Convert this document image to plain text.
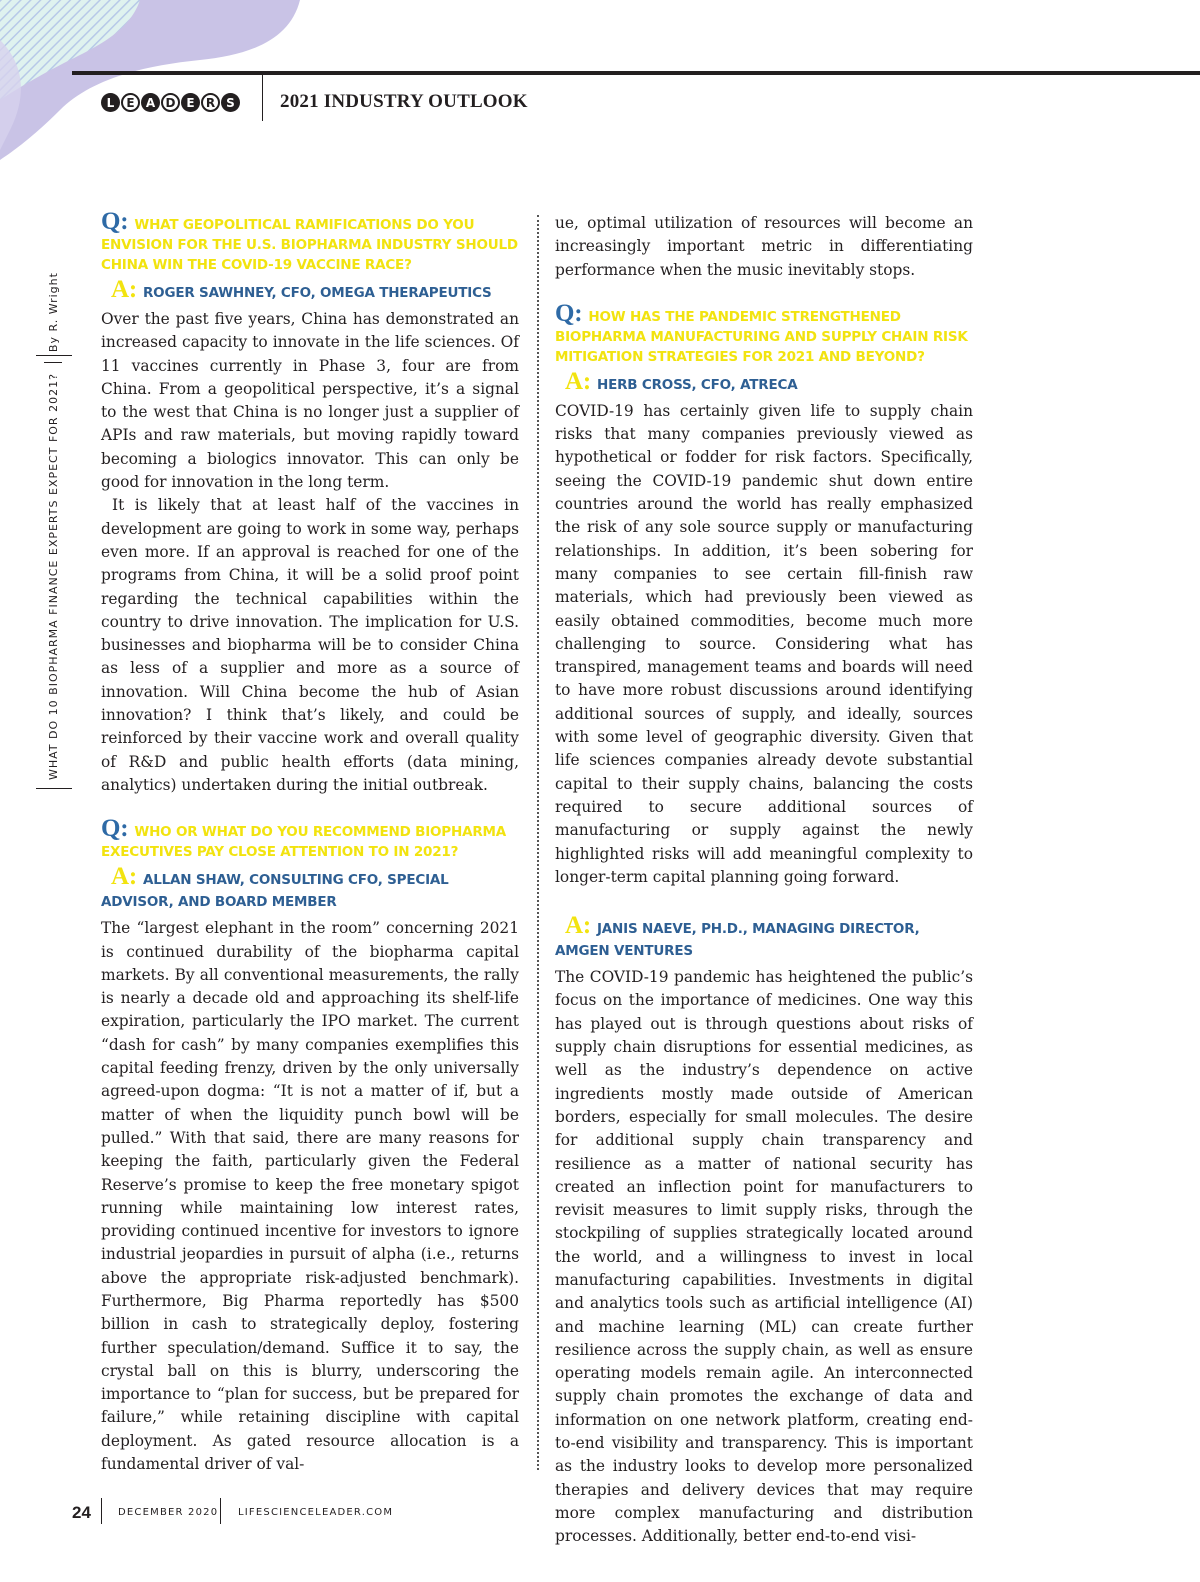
L	E A D E R S 2021 INDUSTRY OUTLOOK
WHAT DO 10 BIOPHARMA FINANCE EXPERTS EXPECT FOR 2021?
By R. Wright

Q: WHAT GEOPOLITICAL RAMIFICATIONS DO YOU ENVISION FOR THE U.S. BIOPHARMA INDUSTRY SHOULD CHINA WIN THE COVID-19 VACCINE RACE?

A: ROGER SAWHNEY, CFO, OMEGA THERAPEUTICS

Over the past five years, China has demonstrated an increased capacity to innovate in the life sciences. Of 11 vaccines currently in Phase 3, four are from China. From a geopolitical perspective, it’s a signal to the west that China is no longer just a supplier of APIs and raw materials, but moving rapidly toward becoming a biologics innovator. This can only be good for innovation in the long term.

It is likely that at least half of the vaccines in development are going to work in some way, perhaps even more. If an approval is reached for one of the programs from China, it will be a solid proof point regarding the technical capabilities within the country to drive innovation. The implication for U.S. businesses and biopharma will be to consider China as less of a supplier and more as a source of innovation. Will China become the hub of Asian innovation? I think that’s likely, and could be reinforced by their vaccine work and overall quality of R&D and public health efforts (data mining, analytics) undertaken during the initial outbreak.

Q: WHO OR WHAT DO YOU RECOMMEND BIOPHARMA EXECUTIVES PAY CLOSE ATTENTION TO IN 2021?

A: ALLAN SHAW, CONSULTING CFO, SPECIAL ADVISOR, AND BOARD MEMBER

The “largest elephant in the room” concerning 2021 is continued durability of the biopharma capital markets. By all conventional measurements, the rally is nearly a decade old and approaching its shelf-life expiration, particularly the IPO market. The current “dash for cash” by many companies exemplifies this capital feeding frenzy, driven by the only universally agreed-upon dogma: “It is not a matter of if, but a matter of when the liquidity punch bowl will be pulled.” With that said, there are many reasons for keeping the faith, particularly given the Federal Reserve’s promise to keep the free monetary spigot running while maintaining low interest rates, providing continued incentive for investors to ignore industrial jeopardies in pursuit of alpha (i.e., returns above the appropriate risk-adjusted benchmark). Furthermore, Big Pharma reportedly has $500 billion in cash to strategically deploy, fostering further speculation/demand. Suffice it to say, the crystal ball on this is blurry, underscoring the importance to “plan for success, but be prepared for failure,” while retaining discipline with capital deployment. As gated resource allocation is a fundamental driver of val-

ue, optimal utilization of resources will become an increasingly important metric in differentiating performance when the music inevitably stops.

Q: HOW HAS THE PANDEMIC STRENGTHENED BIOPHARMA MANUFACTURING AND SUPPLY CHAIN RISK MITIGATION STRATEGIES FOR 2021 AND BEYOND?

A: HERB CROSS, CFO, ATRECA

COVID-19 has certainly given life to supply chain risks that many companies previously viewed as hypothetical or fodder for risk factors. Specifically, seeing the COVID-19 pandemic shut down entire countries around the world has really emphasized the risk of any sole source supply or manufacturing relationships. In addition, it’s been sobering for many companies to see certain fill-finish raw materials, which had previously been viewed as easily obtained commodities, become much more challenging to source. Considering what has transpired, management teams and boards will need to have more robust discussions around identifying additional sources of supply, and ideally, sources with some level of geographic diversity. Given that life sciences companies already devote substantial capital to their supply chains, balancing the costs required to secure additional sources of manufacturing or supply against the newly highlighted risks will add meaningful complexity to longer-term capital planning going forward.

A: JANIS NAEVE, PH.D., MANAGING DIRECTOR, AMGEN VENTURES

The COVID-19 pandemic has heightened the public’s focus on the importance of medicines. One way this has played out is through questions about risks of supply chain disruptions for essential medicines, as well as the industry’s dependence on active ingredients mostly made outside of American borders, especially for small molecules. The desire for additional supply chain transparency and resilience as a matter of national security has created an inflection point for manufacturers to revisit measures to limit supply risks, through the stockpiling of supplies strategically located around the world, and a willingness to invest in local manufacturing capabilities. Investments in digital and analytics tools such as artificial intelligence (AI) and machine learning (ML) can create further resilience across the supply chain, as well as ensure operating models remain agile. An interconnected supply chain promotes the exchange of data and information on one network platform, creating end-to-end visibility and transparency. This is important as the industry looks to develop more personalized therapies and delivery devices that may require more complex manufacturing and distribution processes. Additionally, better end-to-end visi-

24	DECEMBER 2020 LIFESCIENCELEADER.COM
